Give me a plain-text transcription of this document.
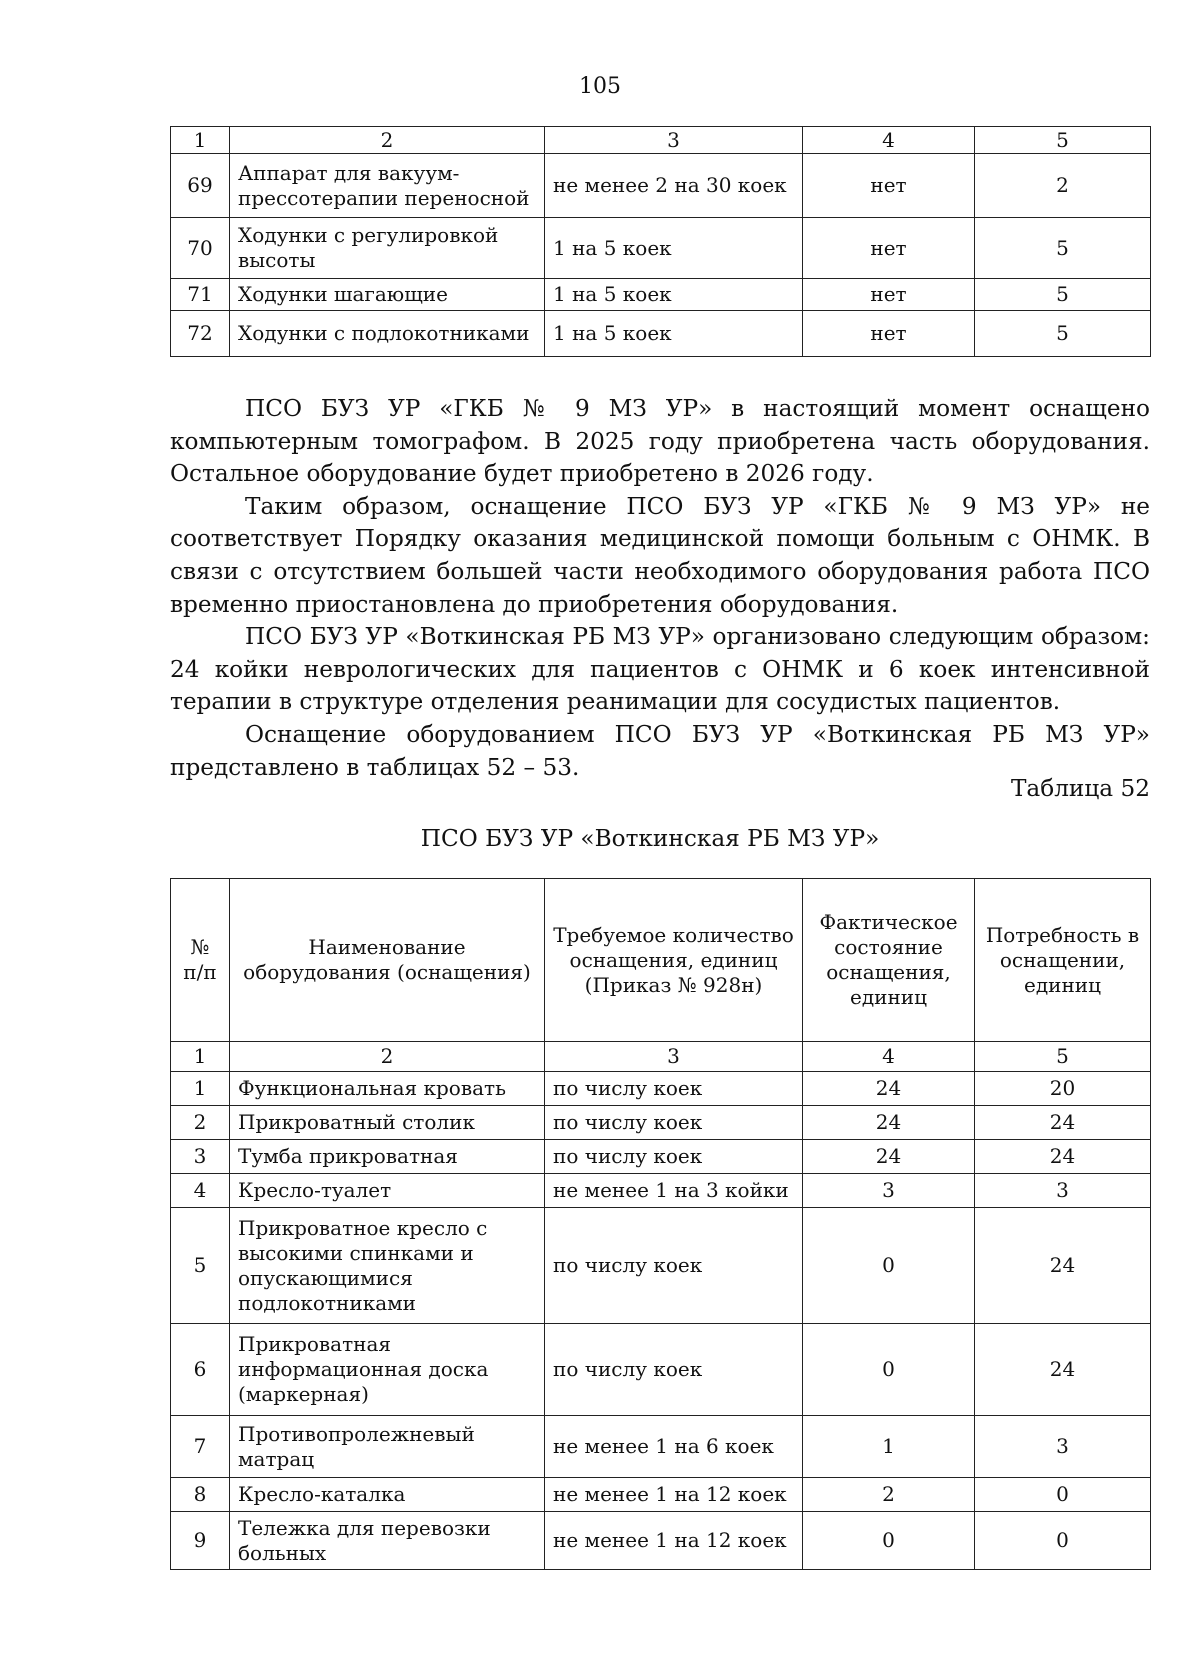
105
1	2	3	4	5
69	Аппарат для вакуум-прессотерапии переносной	не менее 2 на 30 коек	нет	2
70	Ходунки с регулировкой высоты	1 на 5 коек	нет	5
71	Ходунки шагающие	1 на 5 коек	нет	5
72	Ходунки с подлокотниками	1 на 5 коек	нет	5

ПСО БУЗ УР «ГКБ № 9 МЗ УР» в настоящий момент оснащено компьютерным томографом. В 2025 году приобретена часть оборудования. Остальное оборудование будет приобретено в 2026 году.

Таким образом, оснащение ПСО БУЗ УР «ГКБ № 9 МЗ УР» не соответствует Порядку оказания медицинской помощи больным с ОНМК. В связи с отсутствием большей части необходимого оборудования работа ПСО временно приостановлена до приобретения оборудования.

ПСО БУЗ УР «Воткинская РБ МЗ УР» организовано следующим образом: 24 койки неврологических для пациентов с ОНМК и 6 коек интенсивной терапии в структуре отделения реанимации для сосудистых пациентов.

Оснащение оборудованием ПСО БУЗ УР «Воткинская РБ МЗ УР» представлено в таблицах 52 – 53.

Таблица 52
ПСО БУЗ УР «Воткинская РБ МЗ УР»
№ п/п	Наименование оборудования (оснащения)	Требуемое количество оснащения, единиц (Приказ № 928н)	Фактическое состояние оснащения, единиц	Потребность в оснащении, единиц
1	2	3	4	5
1	Функциональная кровать	по числу коек	24	20
2	Прикроватный столик	по числу коек	24	24
3	Тумба прикроватная	по числу коек	24	24
4	Кресло-туалет	не менее 1 на 3 койки	3	3
5	Прикроватное кресло с высокими спинками и опускающимися подлокотниками	по числу коек	0	24
6	Прикроватная информационная доска (маркерная)	по числу коек	0	24
7	Противопролежневый матрац	не менее 1 на 6 коек	1	3
8	Кресло-каталка	не менее 1 на 12 коек	2	0
9	Тележка для перевозки больных	не менее 1 на 12 коек	0	0
